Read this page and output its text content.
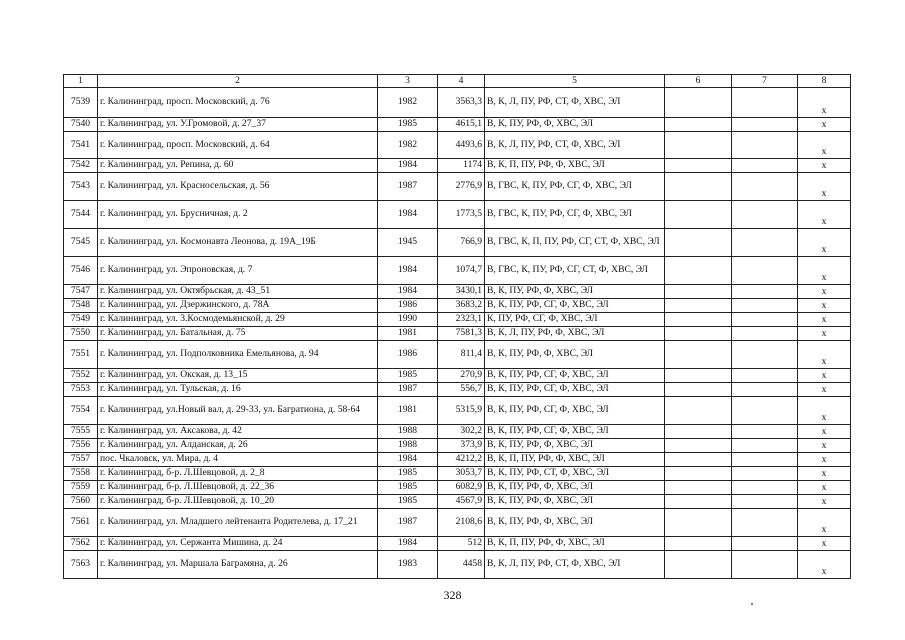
1	2	3	4	5	6	7	8
7539	г. Калининград, просп. Московский, д. 76	1982	3563,3	В, К, Л, ПУ, РФ, СТ, Ф, ХВС, ЭЛ			x
7540	г. Калининград, ул. У.Громовой, д. 27_37	1985	4615,1	В, К, ПУ, РФ, Ф, ХВС, ЭЛ			x
7541	г. Калининград, просп. Московский, д. 64	1982	4493,6	В, К, Л, ПУ, РФ, СТ, Ф, ХВС, ЭЛ			x
7542	г. Калининград, ул. Репина, д. 60	1984	1174	В, К, П, ПУ, РФ, Ф, ХВС, ЭЛ			x
7543	г. Калининград, ул. Красносельская, д. 56	1987	2776,9	В, ГВС, К, ПУ, РФ, СГ, Ф, ХВС, ЭЛ			x
7544	г. Калининград, ул. Брусничная, д. 2	1984	1773,5	В, ГВС, К, ПУ, РФ, СГ, Ф, ХВС, ЭЛ			x
7545	г. Калининград, ул. Космонавта Леонова, д. 19А_19Б	1945	766,9	В, ГВС, К, П, ПУ, РФ, СГ, СТ, Ф, ХВС, ЭЛ			x
7546	г. Калининград, ул. Эпроновская, д. 7	1984	1074,7	В, ГВС, К, ПУ, РФ, СГ, СТ, Ф, ХВС, ЭЛ			x
7547	г. Калининград, ул. Октябрьская, д. 43_51	1984	3430,1	В, К, ПУ, РФ, Ф, ХВС, ЭЛ			x
7548	г. Калининград, ул. Дзержинского, д. 78А	1986	3683,2	В, К, ПУ, РФ, СГ, Ф, ХВС, ЭЛ			x
7549	г. Калининград, ул. 3.Космодемьянской, д. 29	1990	2323,1	К, ПУ, РФ, СГ, Ф, ХВС, ЭЛ			x
7550	г. Калининград, ул. Батальная, д. 75	1981	7581,3	В, К, Л, ПУ, РФ, Ф, ХВС, ЭЛ			x
7551	г. Калининград, ул. Подполковника Емельянова, д. 94	1986	811,4	В, К, ПУ, РФ, Ф, ХВС, ЭЛ			x
7552	г. Калининград, ул. Окская, д. 13_15	1985	270,9	В, К, ПУ, РФ, СГ, Ф, ХВС, ЭЛ			x
7553	г. Калининград, ул. Тульская, д. 16	1987	556,7	В, К, ПУ, РФ, СГ, Ф, ХВС, ЭЛ			x
7554	г. Калининград, ул.Новый вал, д. 29-33, ул. Багратиона, д. 58-64	1981	5315,9	В, К, ПУ, РФ, СГ, Ф, ХВС, ЭЛ			x
7555	г. Калининград, ул. Аксакова, д. 42	1988	302,2	В, К, ПУ, РФ, СГ, Ф, ХВС, ЭЛ			x
7556	г. Калининград, ул. Алданская, д. 26	1988	373,9	В, К, ПУ, РФ, Ф, ХВС, ЭЛ			x
7557	пос. Чкаловск, ул. Мира, д. 4	1984	4212,2	В, К, П, ПУ, РФ, Ф, ХВС, ЭЛ			x
7558	г. Калининград, б-р. Л.Шевцовой, д. 2_8	1985	3053,7	В, К, ПУ, РФ, СТ, Ф, ХВС, ЭЛ			x
7559	г. Калининград, б-р. Л.Шевцовой, д. 22_36	1985	6082,9	В, К, ПУ, РФ, Ф, ХВС, ЭЛ			x
7560	г. Калининград, б-р. Л.Шевцовой, д. 10_20	1985	4567,9	В, К, ПУ, РФ, Ф, ХВС, ЭЛ			x
7561	г. Калининград, ул. Младшего лейтенанта Родителева, д. 17_21	1987	2108,6	В, К, ПУ, РФ, Ф, ХВС, ЭЛ			x
7562	г. Калининград, ул. Сержанта Мишина, д. 24	1984	512	В, К, П, ПУ, РФ, Ф, ХВС, ЭЛ			x
7563	г. Калининград, ул. Маршала Баграмяна, д. 26	1983	4458	В, К, Л, ПУ, РФ, СТ, Ф, ХВС, ЭЛ			x
328
